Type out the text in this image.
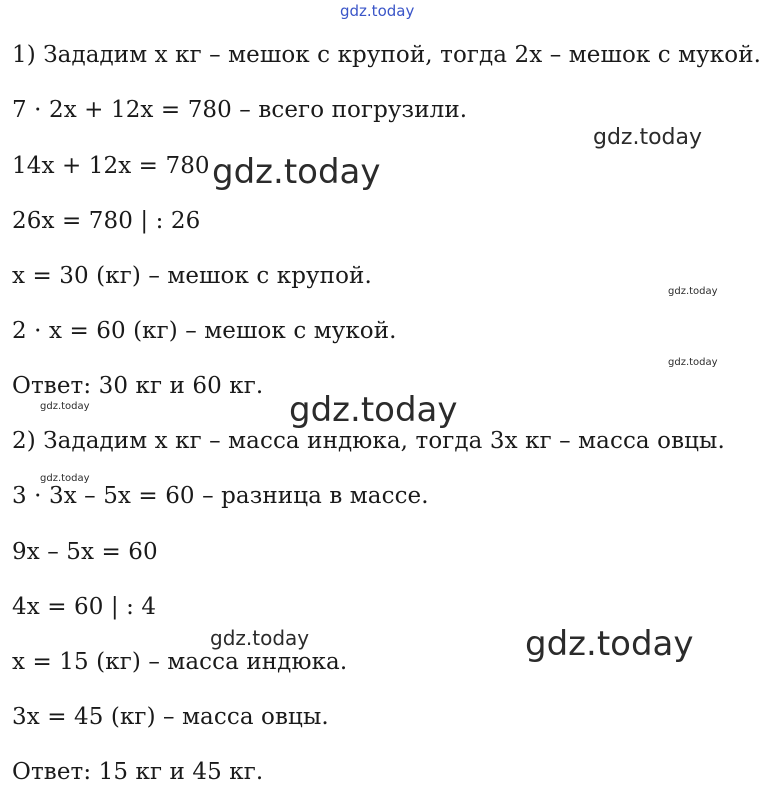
1) Зададим x кг – мешок с крупой, тогда 2x – мешок с мукой.
7 · 2x + 12x = 780 – всего погрузили.
14x + 12x = 780
26x = 780 | : 26
x = 30 (кг) – мешок с крупой.
2 · x = 60 (кг) – мешок с мукой.
Ответ: 30 кг и 60 кг.
2) Зададим x кг – масса индюка, тогда 3x кг – масса овцы.
3 · 3x – 5x = 60 – разница в массе.
9x – 5x = 60
4x = 60 | : 4
x = 15 (кг) – масса индюка.
3x = 45 (кг) – масса овцы.
Ответ: 15 кг и 45 кг.
gdz.today
gdz.today
gdz.today
gdz.today
gdz.today
gdz.today
gdz.today
gdz.today
gdz.today	gdz.today
